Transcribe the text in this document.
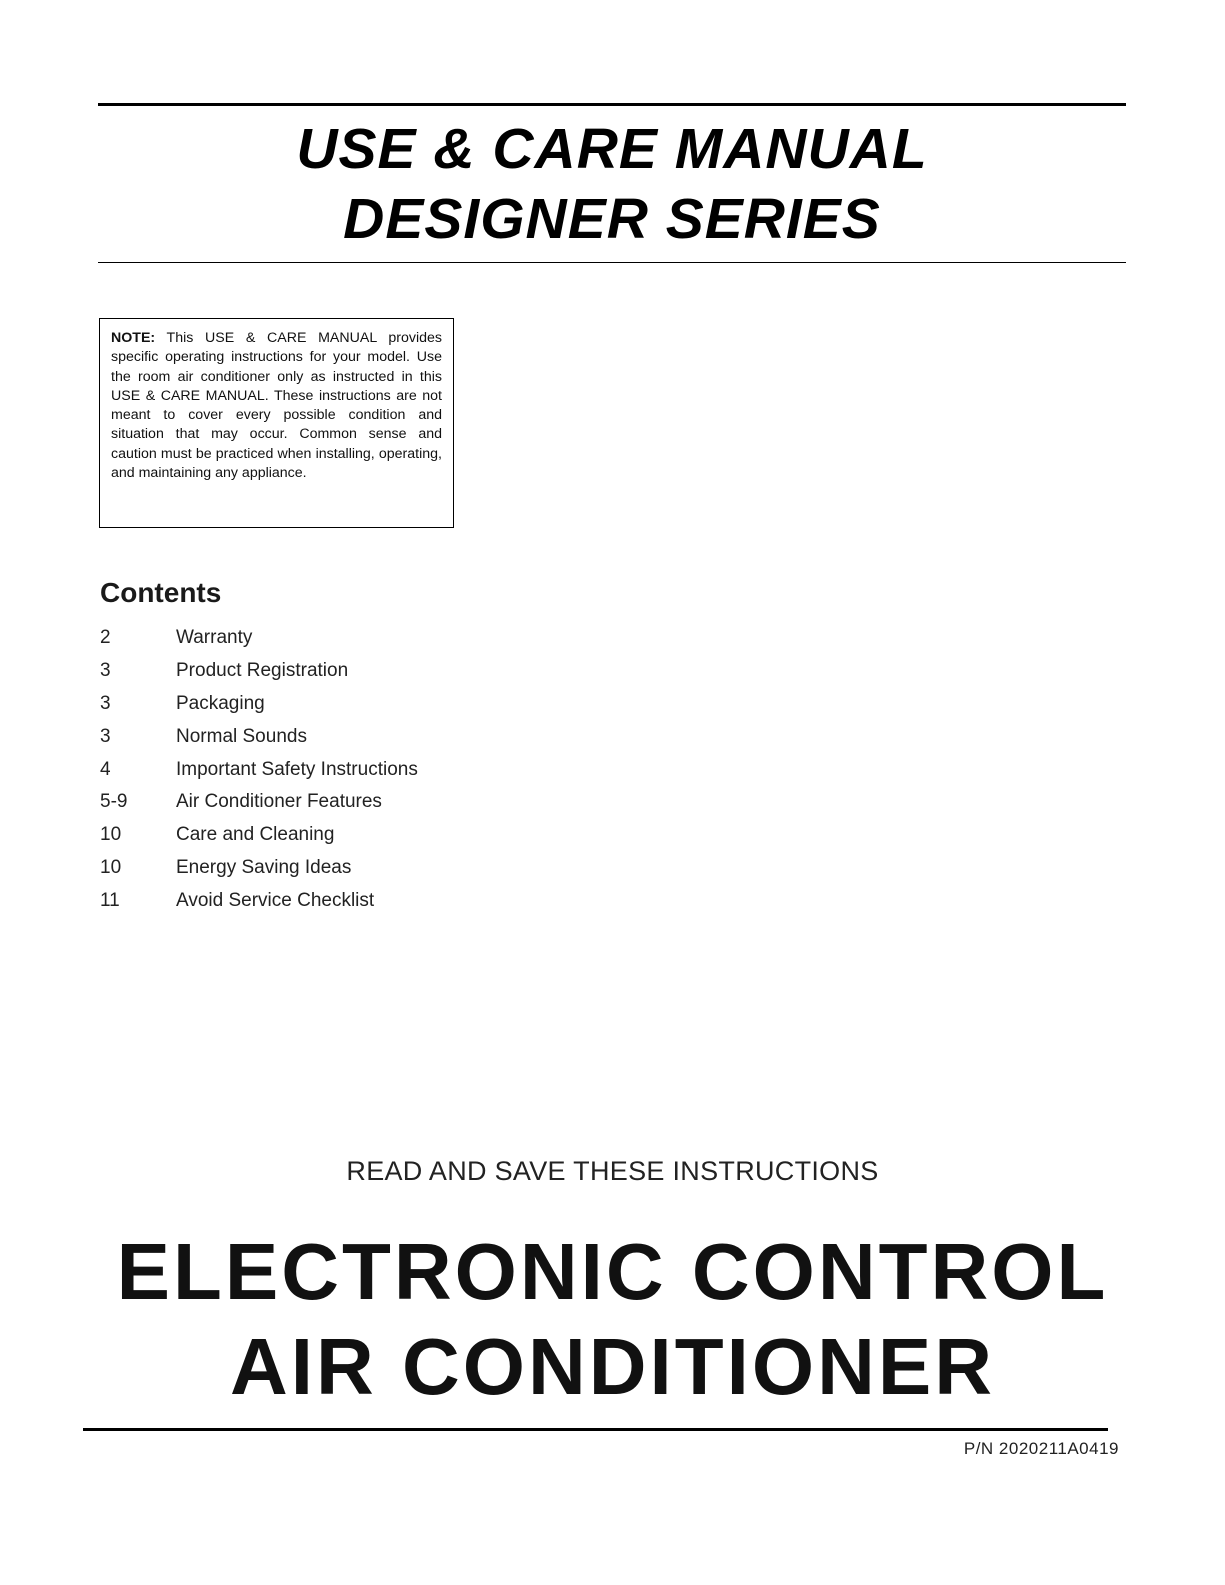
USE & CARE MANUAL
DESIGNER SERIES
NOTE: This USE & CARE MANUAL provides specific operating instructions for your model. Use the room air conditioner only as instructed in this USE & CARE MANUAL. These instructions are not meant to cover every possible condition and situation that may occur. Common sense and caution must be practiced when installing, operating, and maintaining any appliance.
Contents
2	Warranty
3	Product Registration
3	Packaging
3	Normal Sounds
4	Important Safety Instructions
5-9	Air Conditioner Features
10	Care and Cleaning
10	Energy Saving Ideas
11	Avoid Service Checklist

READ AND SAVE THESE INSTRUCTIONS

ELECTRONIC CONTROL
AIR CONDITIONER

P/N 2020211A0419
